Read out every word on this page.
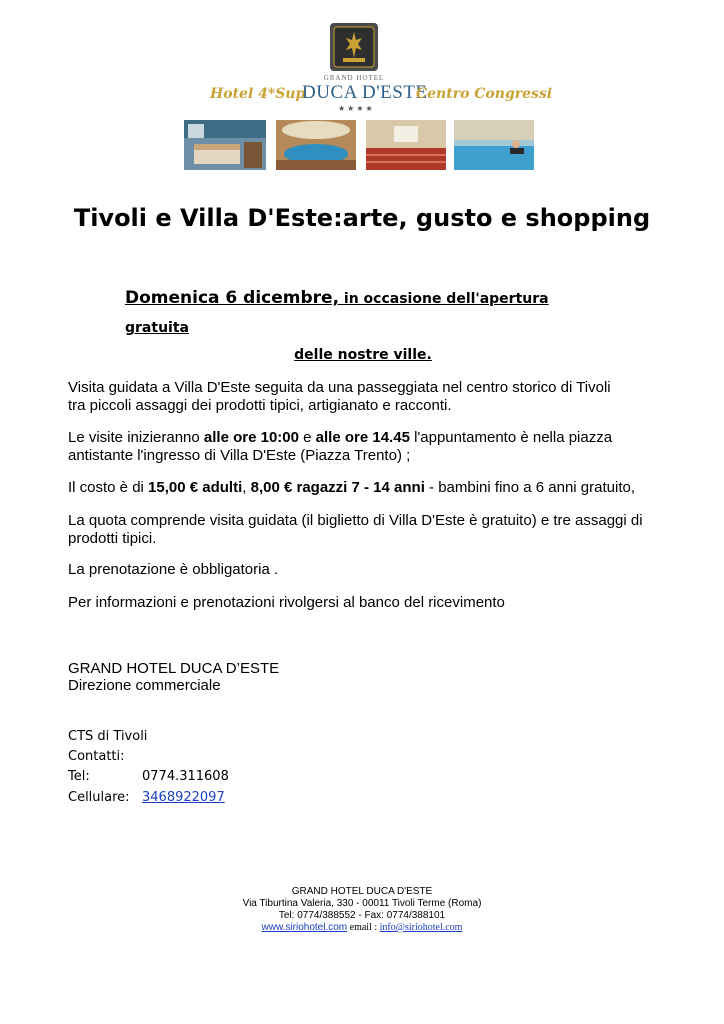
GRAND HOTEL
Hotel 4*Sup
DUCA D'ESTE
★★★★
Centro Congressi
Tivoli e Villa D'Este:arte, gusto e shopping
Domenica 6 dicembre, in occasione dell'apertura gratuita
delle nostre ville.
Visita guidata a Villa D'Este seguita da una passeggiata nel centro storico di Tivoli
tra piccoli assaggi dei prodotti tipici, artigianato e racconti.
Le visite inizieranno alle ore 10:00 e alle ore 14.45 l'appuntamento è nella piazza
antistante l'ingresso di Villa D'Este (Piazza Trento) ;
Il costo è di 15,00 € adulti, 8,00 € ragazzi 7 - 14 anni - bambini fino a 6 anni gratuito,
La quota comprende visita guidata (il biglietto di Villa D'Este è gratuito) e tre assaggi di prodotti tipici.
La prenotazione è obbligatoria .
Per informazioni e prenotazioni rivolgersi al banco del ricevimento
GRAND HOTEL DUCA D’ESTE
Direzione commerciale
CTS di Tivoli
Contatti:
Tel:	0774.311608
Cellulare: 3468922097
GRAND HOTEL DUCA D'ESTE
Via Tiburtina Valeria, 330 - 00011 Tivoli Terme (Roma)
Tel: 0774/388552 - Fax: 0774/388101
www.siriohotel.com email : info@siriohotel.com
